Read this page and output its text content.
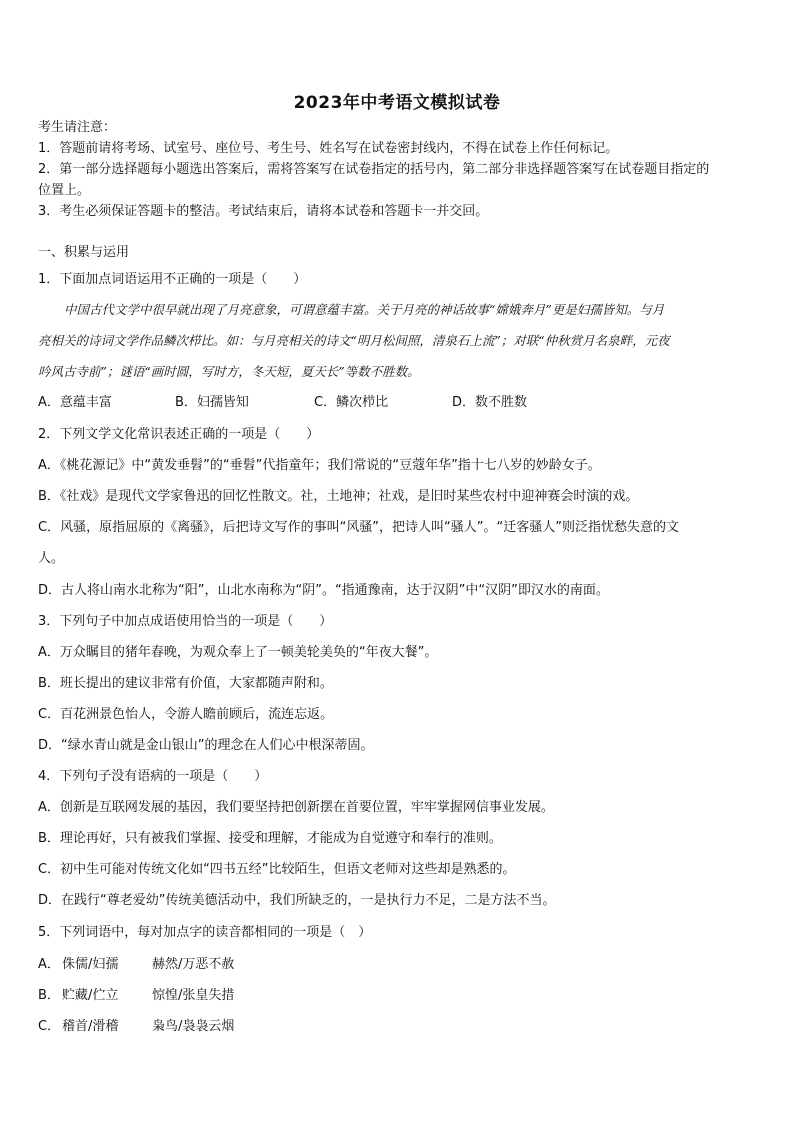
2023年中考语文模拟试卷
考生请注意：
1．答题前请将考场、试室号、座位号、考生号、姓名写在试卷密封线内，不得在试卷上作任何标记。
2．第一部分选择题每小题选出答案后，需将答案写在试卷指定的括号内，第二部分非选择题答案写在试卷题目指定的
位置上。
3．考生必须保证答题卡的整洁。考试结束后，请将本试卷和答题卡一并交回。
一、积累与运用
1．下面加点词语运用不正确的一项是（　　）
中国古代文学中很早就出现了月亮意象，可谓意蕴丰富。关于月亮的神话故事“嫦娥奔月”更是妇孺皆知。与月
亮相关的诗词文学作品鳞次栉比。如：与月亮相关的诗文“明月松间照，清泉石上流”；对联“仲秋赏月名泉畔，元夜
吟风古寺前”；谜语“画时圆，写时方，冬天短，夏天长”等数不胜数。
A．意蕴丰富	B．妇孺皆知	C．鳞次栉比	D．数不胜数
2．下列文学文化常识表述正确的一项是（　　）
A．《桃花源记》中“黄发垂髫”的“垂髫”代指童年；我们常说的“豆蔻年华”指十七八岁的妙龄女子。
B．《社戏》是现代文学家鲁迅的回忆性散文。社，土地神；社戏，是旧时某些农村中迎神赛会时演的戏。
C．风骚，原指屈原的《离骚》，后把诗文写作的事叫“风骚”，把诗人叫“骚人”。“迁客骚人”则泛指忧愁失意的文
人。
D．古人将山南水北称为“阳”，山北水南称为“阴”。“指通豫南，达于汉阴”中“汉阴”即汉水的南面。
3．下列句子中加点成语使用恰当的一项是（　　）
A．万众瞩目的猪年春晚，为观众奉上了一顿美轮美奂的“年夜大餐”。
B．班长提出的建议非常有价值，大家都随声附和。
C．百花洲景色怡人，令游人瞻前顾后，流连忘返。
D．“绿水青山就是金山银山”的理念在人们心中根深蒂固。
4．下列句子没有语病的一项是（　　）
A．创新是互联网发展的基因，我们要坚持把创新摆在首要位置，牢牢掌握网信事业发展。
B．理论再好，只有被我们掌握、接受和理解，才能成为自觉遵守和奉行的准则。
C．初中生可能对传统文化如“四书五经”比较陌生，但语文老师对这些却是熟悉的。
D．在践行“尊老爱幼”传统美德活动中，我们所缺乏的，一是执行力不足，二是方法不当。
5．下列词语中，每对加点字的读音都相同的一项是（　）
A． 侏儒/妇孺	赫然/万恶不赦
B． 贮藏/伫立	惊惶/张皇失措
C． 稽首/滑稽	枭鸟/袅袅云烟
